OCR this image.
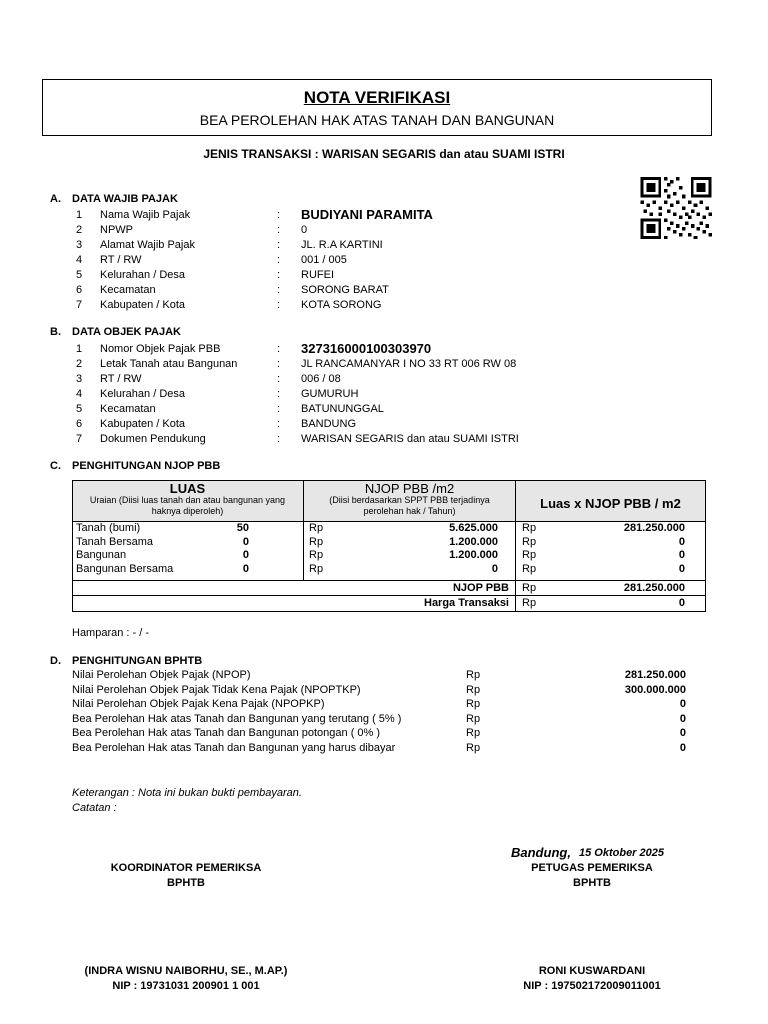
NOTA VERIFIKASI
BEA PEROLEHAN HAK ATAS TANAH DAN BANGUNAN
JENIS TRANSAKSI : WARISAN SEGARIS dan atau SUAMI ISTRI
A. DATA WAJIB PAJAK
1 Nama Wajib Pajak	: BUDIYANI PARAMITA
2 NPWP	: 0
3 Alamat Wajib Pajak	: JL. R.A KARTINI
4 RT / RW	: 001 / 005
5 Kelurahan / Desa	: RUFEI
6 Kecamatan	: SORONG BARAT
7 Kabupaten / Kota	: KOTA SORONG
B. DATA OBJEK PAJAK
1 Nomor Objek Pajak PBB	: 327316000100303970
2 Letak Tanah atau Bangunan	: JL RANCAMANYAR I NO 33 RT 006 RW 08
3 RT / RW	: 006 / 08
4 Kelurahan / Desa	: GUMURUH
5 Kecamatan	: BATUNUNGGAL
6 Kabupaten / Kota	: BANDUNG
7 Dokumen Pendukung	: WARISAN SEGARIS dan atau SUAMI ISTRI
C. PENGHITUNGAN NJOP PBB
LUAS
Uraian (Diisi luas tanah dan atau bangunan yang haknya diperoleh)
NJOP PBB /m2
(Diisi berdasarkan SPPT PBB terjadinya perolehan hak / Tahun)	Luas x NJOP PBB / m2
Tanah (bumi)	50	Rp	5.625.000 Rp	281.250.000
Tanah Bersama	0	Rp	1.200.000 Rp	0
Bangunan	0	Rp	1.200.000 Rp	0
Bangunan Bersama	0	Rp	0 Rp	0
NJOP PBB Rp	281.250.000
Harga Transaksi Rp	0
Hamparan : - / -
D. PENGHITUNGAN BPHTB
Nilai Perolehan Objek Pajak (NPOP)	Rp	281.250.000
Nilai Perolehan Objek Pajak Tidak Kena Pajak (NPOPTKP)	Rp	300.000.000
Nilai Perolehan Objek Pajak Kena Pajak (NPOPKP)	Rp	0
Bea Perolehan Hak atas Tanah dan Bangunan yang terutang ( 5% )	Rp	0
Bea Perolehan Hak atas Tanah dan Bangunan potongan ( 0% )	Rp	0
Bea Perolehan Hak atas Tanah dan Bangunan yang harus dibayar	Rp	0
Keterangan : Nota ini bukan bukti pembayaran.
Catatan :
Bandung, 15 Oktober 2025
KOORDINATOR PEMERIKSA
BPHTB
(INDRA WISNU NAIBORHU, SE., M.AP.)
NIP : 19731031 200901 1 001
PETUGAS PEMERIKSA
BPHTB
RONI KUSWARDANI
NIP : 197502172009011001
